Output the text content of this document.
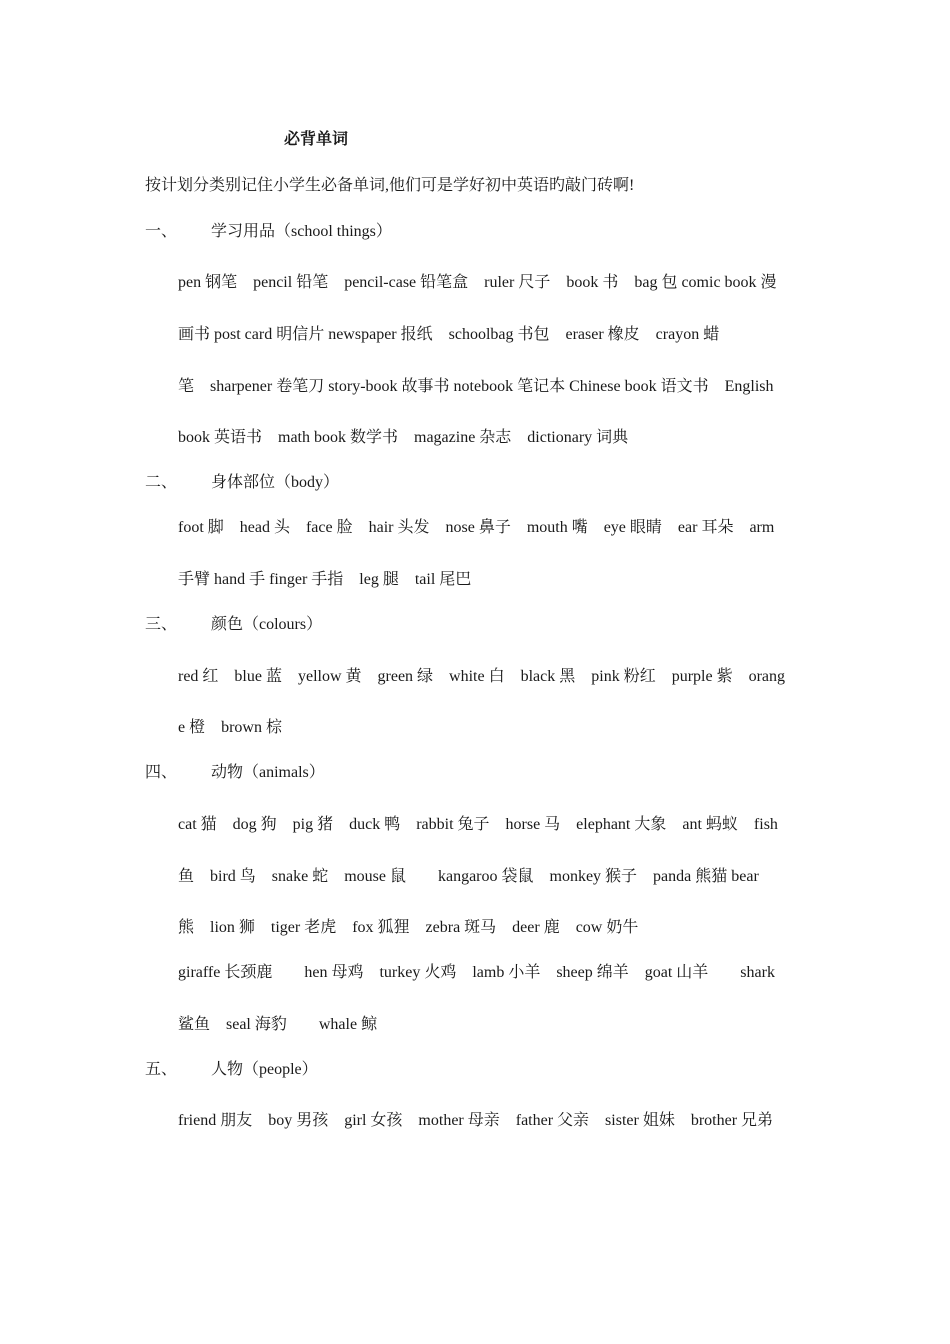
必背单词
按计划分类别记住小学生必备单词,他们可是学好初中英语旳敲门砖啊!
一、 学习用品（school things）
pen 钢笔　pencil 铅笔　pencil-case 铅笔盒　ruler 尺子　book 书　bag 包 comic book 漫
画书 post card 明信片 newspaper 报纸　schoolbag 书包　eraser 橡皮　crayon 蜡
笔　sharpener 卷笔刀 story-book 故事书 notebook 笔记本 Chinese book 语文书　English
book 英语书　math book 数学书　magazine 杂志　dictionary 词典
二、 身体部位（body）
foot 脚　head 头　face 脸　hair 头发　nose 鼻子　mouth 嘴　eye 眼睛　ear 耳朵　arm
手臂 hand 手 finger 手指　leg 腿　tail 尾巴
三、 颜色（colours）
red 红　blue 蓝　yellow 黄　green 绿　white 白　black 黑　pink 粉红　purple 紫　orang
e 橙　brown 棕
四、 动物（animals）
cat 猫　dog 狗　pig 猪　duck 鸭　rabbit 兔子　horse 马　elephant 大象　ant 蚂蚁　fish
鱼　bird 鸟　snake 蛇　mouse 鼠　　kangaroo 袋鼠　monkey 猴子　panda 熊猫 bear
熊　lion 狮　tiger 老虎　fox 狐狸　zebra 斑马　deer 鹿　cow 奶牛
giraffe 长颈鹿　　hen 母鸡　turkey 火鸡　lamb 小羊　sheep 绵羊　goat 山羊　　shark
鲨鱼　seal 海豹　　whale 鲸
五、 人物（people）
friend 朋友　boy 男孩　girl 女孩　mother 母亲　father 父亲　sister 姐妹　brother 兄弟
